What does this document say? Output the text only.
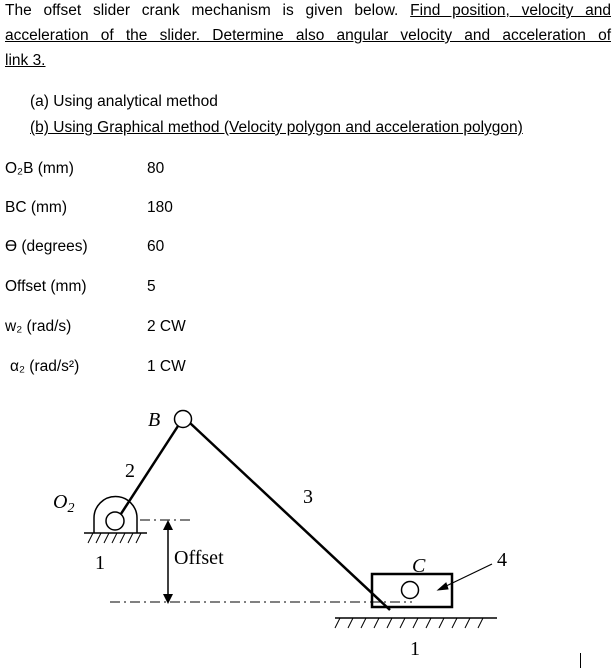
The offset slider crank mechanism is given below. Find position, velocity and
acceleration of the slider. Determine also angular velocity and acceleration of
link 3.
(a) Using analytical method
(b) Using Graphical method (Velocity polygon and acceleration polygon)
O₂B (mm)	80
BC (mm)	180
ϴ (degrees)	60
Offset (mm)	5
w₂ (rad/s)	2 CW
α₂ (rad/s²)	1 CW
B
2
$O_2$
3
1	Offset	C	4
1
